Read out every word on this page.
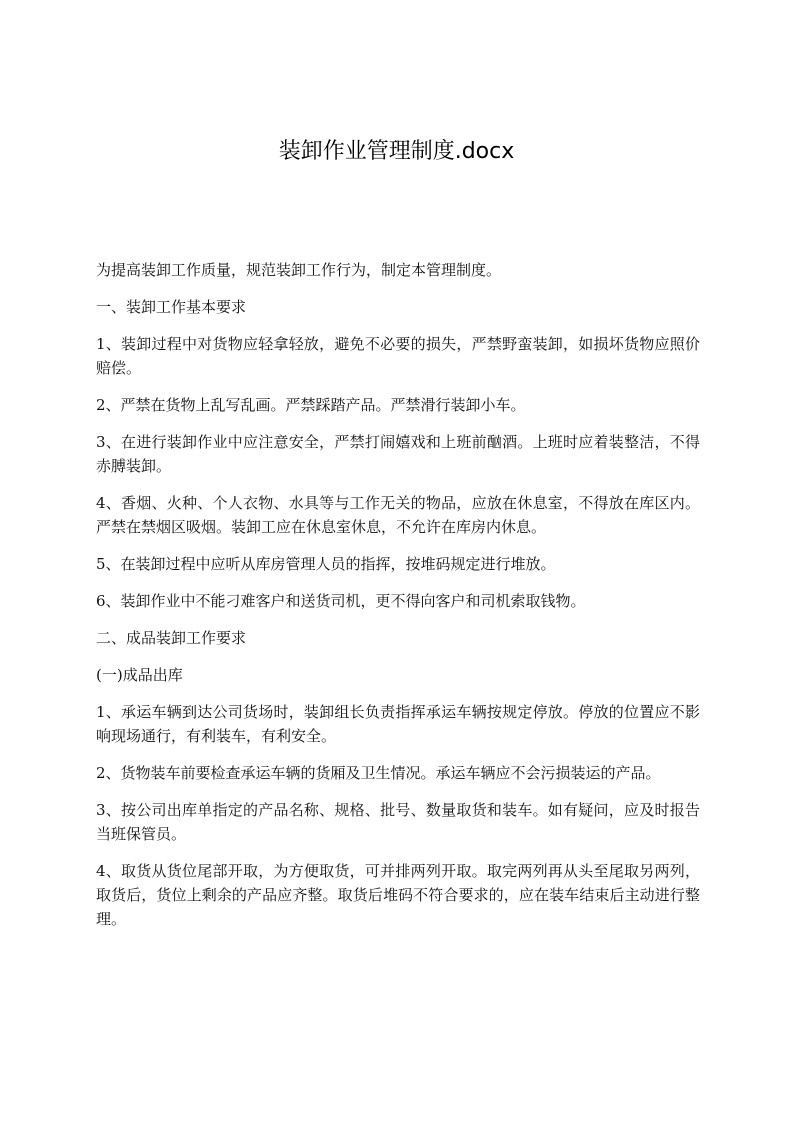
装卸作业管理制度.docx

为提高装卸工作质量，规范装卸工作行为，制定本管理制度。

一、装卸工作基本要求

1、装卸过程中对货物应轻拿轻放，避免不必要的损失，严禁野蛮装卸，如损坏货物应照价赔偿。

2、严禁在货物上乱写乱画。严禁踩踏产品。严禁滑行装卸小车。

3、在进行装卸作业中应注意安全，严禁打闹嬉戏和上班前酗酒。上班时应着装整洁，不得赤膊装卸。

4、香烟、火种、个人衣物、水具等与工作无关的物品，应放在休息室，不得放在库区内。严禁在禁烟区吸烟。装卸工应在休息室休息，不允许在库房内休息。

5、在装卸过程中应听从库房管理人员的指挥，按堆码规定进行堆放。

6、装卸作业中不能刁难客户和送货司机，更不得向客户和司机索取钱物。

二、成品装卸工作要求

(一)成品出库

1、承运车辆到达公司货场时，装卸组长负责指挥承运车辆按规定停放。停放的位置应不影响现场通行，有利装车，有利安全。

2、货物装车前要检查承运车辆的货厢及卫生情况。承运车辆应不会污损装运的产品。

3、按公司出库单指定的产品名称、规格、批号、数量取货和装车。如有疑问，应及时报告当班保管员。

4、取货从货位尾部开取，为方便取货，可并排两列开取。取完两列再从头至尾取另两列，取货后，货位上剩余的产品应齐整。取货后堆码不符合要求的，应在装车结束后主动进行整理。
